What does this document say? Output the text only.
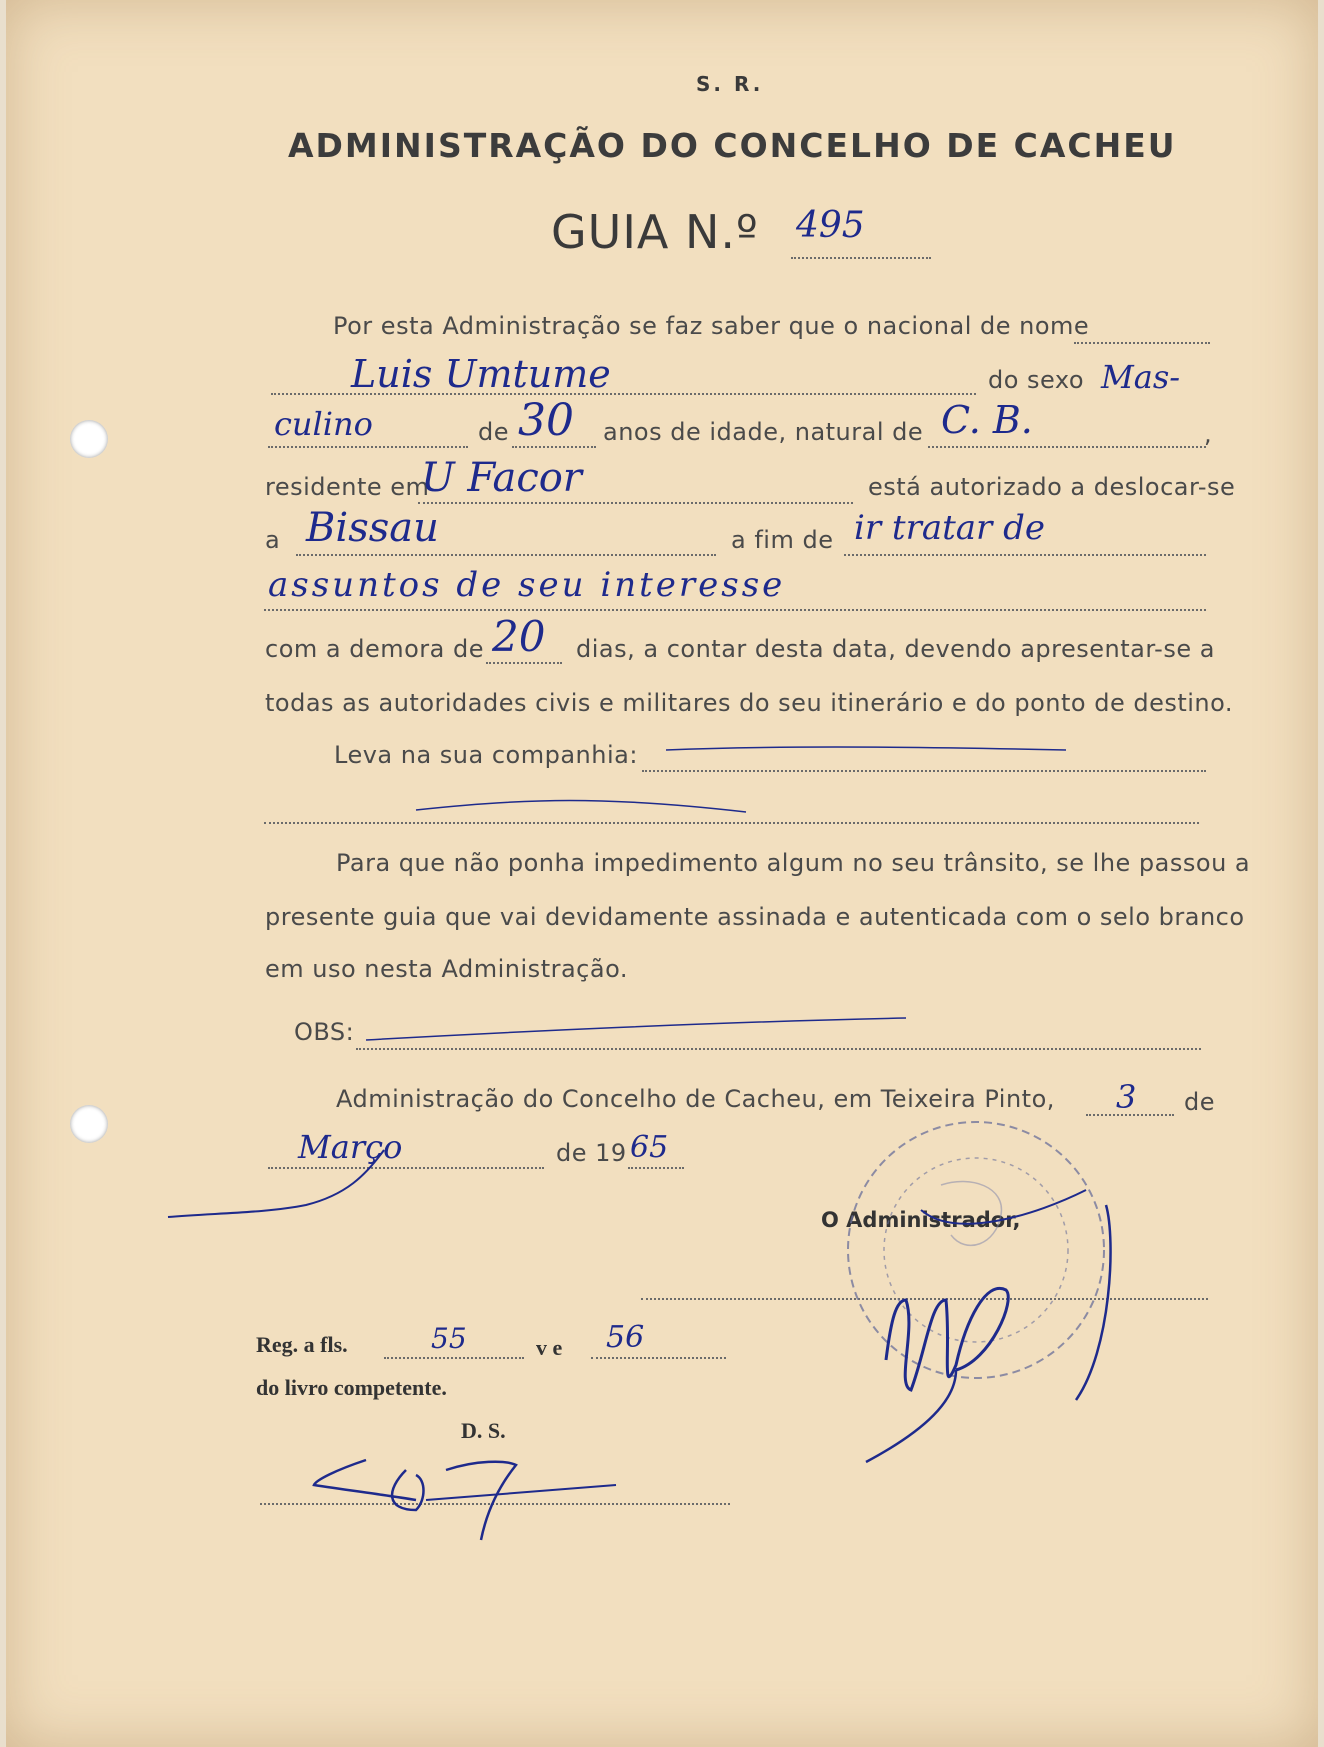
S. R.
ADMINISTRAÇÃO DO CONCELHO DE CACHEU
GUIA N.º 495
Por esta Administração se faz saber que o nacional de nome
Luis Umtume	do sexo Mas-
culino	de 30 anos de idade, natural de C. B.	,
residente em
U Facor	está autorizado a deslocar-se
a Bissau	a fim de ir tratar de
assuntos de seu interesse
com a demora de 20 dias, a contar desta data, devendo apresentar-se a
todas as autoridades civis e militares do seu itinerário e do ponto de destino.
Leva na sua companhia:
Para que não ponha impedimento algum no seu trânsito, se lhe passou a
presente guia que vai devidamente assinada e autenticada com o selo branco
em uso nesta Administração.
OBS:
Administração do Concelho de Cacheu, em Teixeira Pinto, 3 de
Março	de 19 65
O Administrador,
Reg. a fls.	55	v e 56
do livro competente.
D. S.
